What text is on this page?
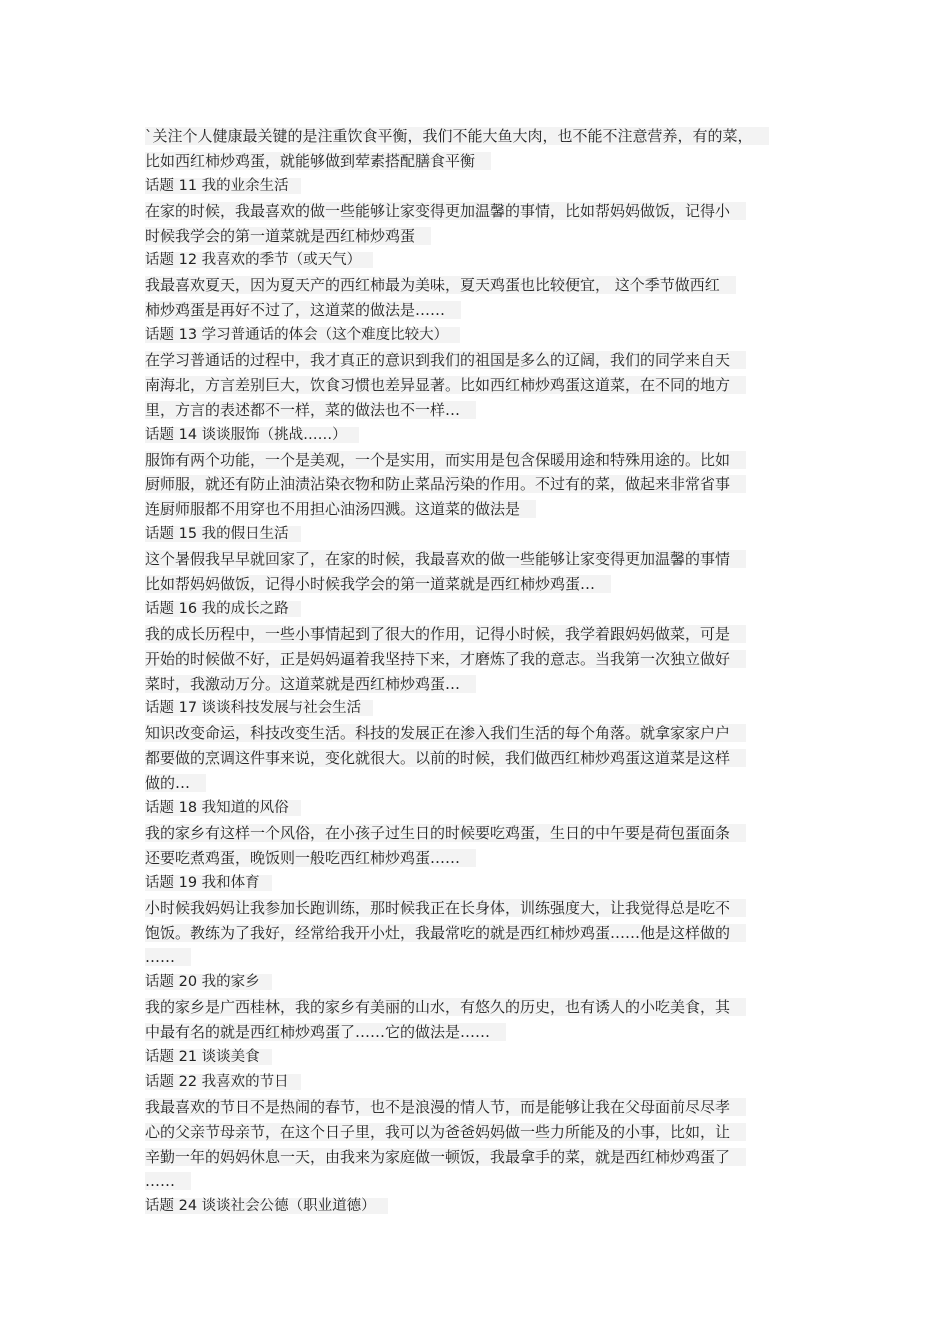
`关注个人健康最关键的是注重饮食平衡，我们不能大鱼大肉，也不能不注意营养，有的菜，
比如西红柿炒鸡蛋，就能够做到荤素搭配膳食平衡
话题 11 我的业余生活
在家的时候，我最喜欢的做一些能够让家变得更加温馨的事情，比如帮妈妈做饭，记得小
时候我学会的第一道菜就是西红柿炒鸡蛋
话题 12 我喜欢的季节（或天气）
我最喜欢夏天，因为夏天产的西红柿最为美味，夏天鸡蛋也比较便宜， 这个季节做西红
柿炒鸡蛋是再好不过了，这道菜的做法是……
话题 13 学习普通话的体会（这个难度比较大）
在学习普通话的过程中，我才真正的意识到我们的祖国是多么的辽阔，我们的同学来自天
南海北，方言差别巨大，饮食习惯也差异显著。比如西红柿炒鸡蛋这道菜，在不同的地方
里，方言的表述都不一样，菜的做法也不一样…
话题 14 谈谈服饰（挑战……）
服饰有两个功能，一个是美观，一个是实用，而实用是包含保暖用途和特殊用途的。比如
厨师服，就还有防止油渍沾染衣物和防止菜品污染的作用。不过有的菜，做起来非常省事
连厨师服都不用穿也不用担心油汤四溅。这道菜的做法是
话题 15 我的假日生活
这个暑假我早早就回家了，在家的时候，我最喜欢的做一些能够让家变得更加温馨的事情
比如帮妈妈做饭，记得小时候我学会的第一道菜就是西红柿炒鸡蛋…
话题 16 我的成长之路
我的成长历程中，一些小事情起到了很大的作用，记得小时候，我学着跟妈妈做菜，可是
开始的时候做不好，正是妈妈逼着我坚持下来，才磨炼了我的意志。当我第一次独立做好
菜时，我激动万分。这道菜就是西红柿炒鸡蛋…
话题 17 谈谈科技发展与社会生活
知识改变命运，科技改变生活。科技的发展正在渗入我们生活的每个角落。就拿家家户户
都要做的烹调这件事来说，变化就很大。以前的时候，我们做西红柿炒鸡蛋这道菜是这样
做的…
话题 18 我知道的风俗
我的家乡有这样一个风俗，在小孩子过生日的时候要吃鸡蛋，生日的中午要是荷包蛋面条
还要吃煮鸡蛋，晚饭则一般吃西红柿炒鸡蛋……
话题 19 我和体育
小时候我妈妈让我参加长跑训练，那时候我正在长身体，训练强度大，让我觉得总是吃不
饱饭。教练为了我好，经常给我开小灶，我最常吃的就是西红柿炒鸡蛋……他是这样做的
……
话题 20 我的家乡
我的家乡是广西桂林，我的家乡有美丽的山水，有悠久的历史，也有诱人的小吃美食，其
中最有名的就是西红柿炒鸡蛋了……它的做法是……
话题 21 谈谈美食
话题 22 我喜欢的节日
我最喜欢的节日不是热闹的春节，也不是浪漫的情人节，而是能够让我在父母面前尽尽孝
心的父亲节母亲节，在这个日子里，我可以为爸爸妈妈做一些力所能及的小事，比如，让
辛勤一年的妈妈休息一天，由我来为家庭做一顿饭，我最拿手的菜，就是西红柿炒鸡蛋了
……
话题 24 谈谈社会公德（职业道德）
